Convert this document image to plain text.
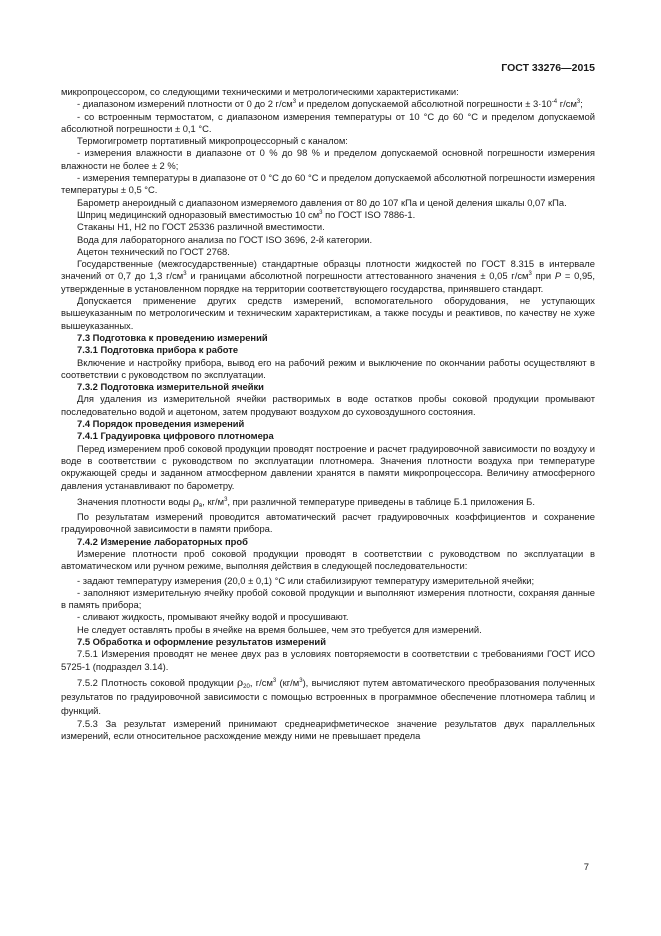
ГОСТ 33276—2015

микропроцессором, со следующими техническими и метрологическими характеристиками:

- диапазоном измерений плотности от 0 до 2 $г/см^3$ и пределом допускаемой абсолютной погрешности ± $3\cdot 10^{-4}$ $г/см^3$;

- со встроенным термостатом, с диапазоном измерения температуры от 10 °С до 60 °С и пределом допускаемой абсолютной погрешности ± 0,1 °С.

Термогигрометр портативный микропроцессорный с каналом:

- измерения влажности в диапазоне от 0 % до 98 % и пределом допускаемой основной погрешности измерения влажности не более ± 2 %;

- измерения температуры в диапазоне от 0 °С до 60 °С и пределом допускаемой абсолютной погрешности измерения температуры ± 0,5 °С.

Барометр анероидный с диапазоном измеряемого давления от 80 до 107 кПа и ценой деления шкалы 0,07 кПа.

Шприц медицинский одноразовый вместимостью 10 $см^3$ по ГОСТ ISO 7886-1.

Стаканы Н1, Н2 по ГОСТ 25336 различной вместимости.

Вода для лабораторного анализа по ГОСТ ISO 3696, 2-й категории.

Ацетон технический по ГОСТ 2768.

Государственные (межгосударственные) стандартные образцы плотности жидкостей по ГОСТ 8.315 в интервале значений от 0,7 до 1,3 $г/см^3$ и границами абсолютной погрешности аттестованного значения ± 0,05 $г/см^3$ при P = 0,95, утвержденные в установленном порядке на территории соответствующего государства, принявшего стандарт.

Допускается применение других средств измерений, вспомогательного оборудования, не уступающих вышеуказанным по метрологическим и техническим характеристикам, а также посуды и реактивов, по качеству не хуже вышеуказанных.

7.3 Подготовка к проведению измерений

7.3.1 Подготовка прибора к работе

Включение и настройку прибора, вывод его на рабочий режим и выключение по окончании работы осуществляют в соответствии с руководством по эксплуатации.

7.3.2 Подготовка измерительной ячейки

Для удаления из измерительной ячейки растворимых в воде остатков пробы соковой продукции промывают последовательно водой и ацетоном, затем продувают воздухом до суховоздушного состояния.

7.4 Порядок проведения измерений

7.4.1 Градуировка цифрового плотномера

Перед измерением проб соковой продукции проводят построение и расчет градуировочной зависимости по воздуху и воде в соответствии с руководством по эксплуатации плотномера. Значения плотности воздуха при температуре окружающей среды и заданном атмосферном давлении хранятся в памяти микропроцессора. Величину атмосферного давления устанавливают по барометру.

Значения плотности воды $\rho_в$, $кг/м^3$, при различной температуре приведены в таблице Б.1 приложения Б.

По результатам измерений проводится автоматический расчет градуировочных коэффициентов и сохранение градуировочной зависимости в памяти прибора.

7.4.2 Измерение лабораторных проб

Измерение плотности проб соковой продукции проводят в соответствии с руководством по эксплуатации в автоматическом или ручном режиме, выполняя действия в следующей последовательности:

- задают температуру измерения (20,0 ± 0,1) °С или стабилизируют температуру измерительной ячейки;

- заполняют измерительную ячейку пробой соковой продукции и выполняют измерения плотности, сохраняя данные в память прибора;

- сливают жидкость, промывают ячейку водой и просушивают.

Не следует оставлять пробы в ячейке на время большее, чем это требуется для измерений.

7.5 Обработка и оформление результатов измерений

7.5.1 Измерения проводят не менее двух раз в условиях повторяемости в соответствии с требованиями ГОСТ ИСО 5725-1 (подраздел 3.14).

7.5.2 Плотность соковой продукции $\rho_{20}$, $г/см^3$ $(кг/м^3)$, вычисляют путем автоматического преобразования полученных результатов по градуировочной зависимости с помощью встроенных в программное обеспечение плотномера таблиц и функций.

7.5.3 За результат измерений принимают среднеарифметическое значение результатов двух параллельных измерений, если относительное расхождение между ними не превышает предела

7
